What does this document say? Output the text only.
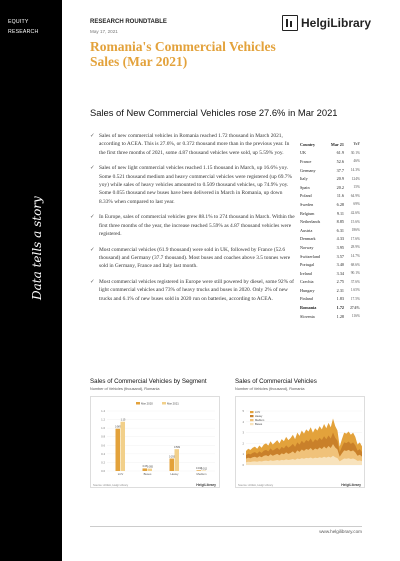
EQUITY
RESEARCH
Data tells a story
RESEARCH ROUNDTABLE
May 17, 2021
Romania's Commercial Vehicles Sales (Mar 2021)
HelgiLibrary
Sales of New Commercial Vehicles rose 27.6% in Mar 2021
✓ Sales of new commercial vehicles in Romania reached 1.72 thousand in March 2021, according to ACEA. This is 27.6%, or 0.372 thousand more than in the previous year. In the first three months of 2021, some 4.87 thousand vehicles were sold, up 5.59% yoy.
✓ Sales of new light commercial vehicles reached 1.15 thousand in March, up 16.6% yoy. Some 0.521 thousand medium and heavy commercial vehicles were registered (up 69.7% yoy) while sales of heavy vehicles amounted to 0.509 thousand vehicles, up 74.9% yoy. Some 0.055 thousand new buses have been delivered in March in Romania, up down 8.33% when compared to last year.
✓ In Europe, sales of commercial vehicles grew 88.1% to 274 thousand in March. Within the first three months of the year, the increase reached 5.59% as 4.87 thousand vehicles were registered.
✓ Most commercial vehicles (61.9 thousand) were sold in UK, followed by France (52.6 thousand) and Germany (37.7 thousand). Most buses and coaches above 3.5 tonnes were sold in Germany, France and Italy last month.
✓ Most commercial vehicles registered in Europe were still powered by diesel, some 92% of light commercial vehicles and 73% of heavy trucks and buses in 2020. Only 2% of new trucks and 6.1% of new buses sold in 2020 run on batteries, according to ACEA.
Country	Mar 21	YoY
UK	61.9	30.1%
France	52.6	46%
Germany	37.7	14.3%
Italy	20.9	124%
Spain	20.2	15%
Poland	11.6	64.9%
Sweden	6.28	69%
Belgium	9.11	42.6%
Netherlands	8.85	15.6%
Austria	6.31	186%
Denmark	4.33	17.6%
Norway	3.95	28.9%
Switzerland	3.57	14.7%
Portugal	3.40	68.6%
Ireland	3.34	90.1%
Czechia	2.75	37.6%
Hungary	2.31	1.65%
Finland	1.83	17.5%
Romania	1.72	27.6%
Slovenia	1.28	116%
Sales of Commercial Vehicles by Segment
Number of Vehicles (thousand), Romania
0.0
0.2
0.4
0.6
0.8
1.0
1.2
1.4
Mar 2020	Mar 2021
0.987
1.15
LCV
0.06 0.055
Buses
0.291
0.509
Heavy
0.016 0.012
Medium
Source: ACEA, Helgi Library	HelgiLibrary
Sales of Commercial Vehicles
Number of Vehicles (thousand), Romania
0
1
2
3
4
5	LCV
Heavy
Medium
Buses
Source: ACEA, Helgi Library	HelgiLibrary
www.helgilibrary.com
